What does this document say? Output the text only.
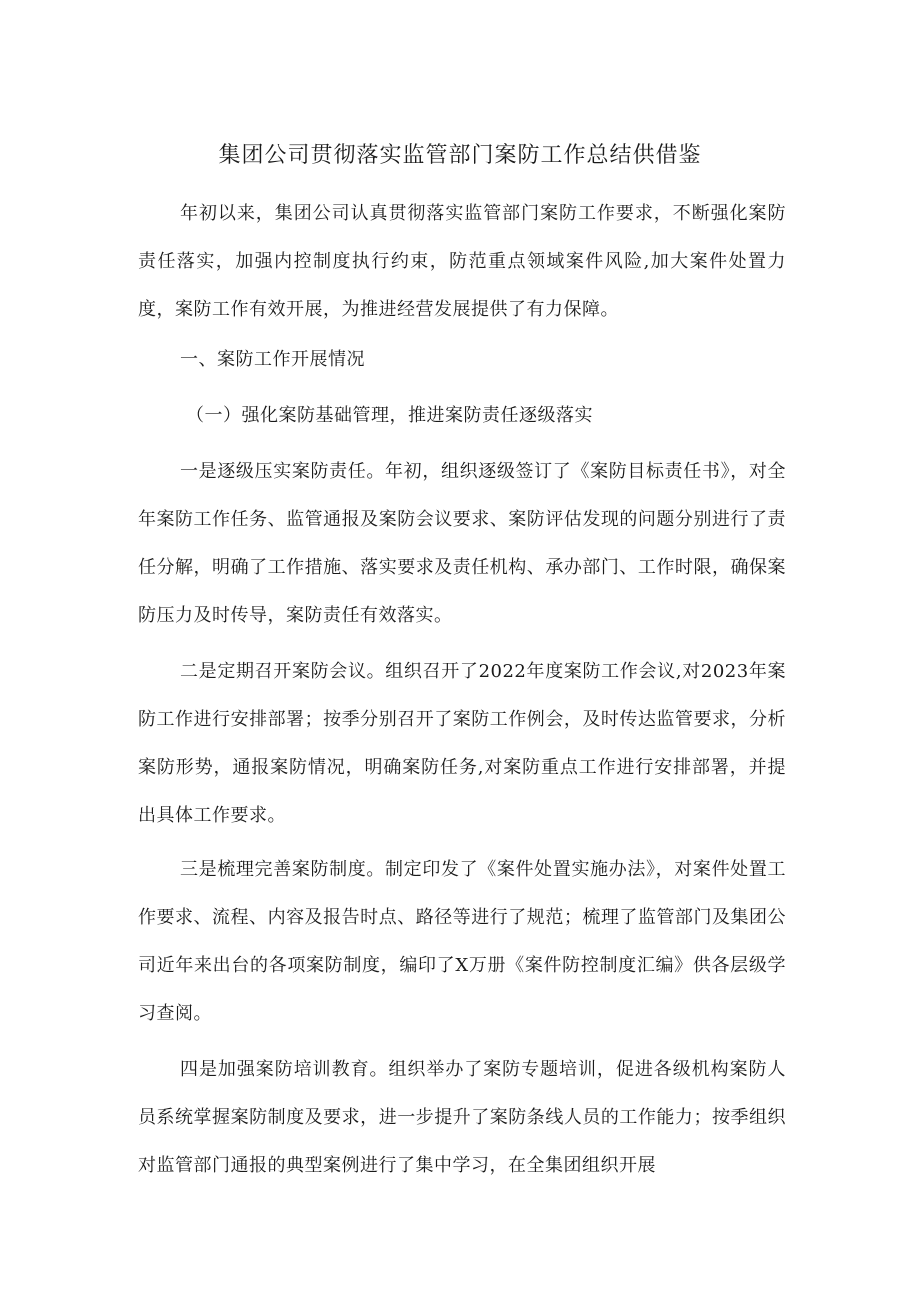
集团公司贯彻落实监管部门案防工作总结供借鉴
年初以来，集团公司认真贯彻落实监管部门案防工作要求，不断强化案防责任落实，加强内控制度执行约束，防范重点领域案件风险,加大案件处置力度，案防工作有效开展，为推进经营发展提供了有力保障。
一、案防工作开展情况
（一）强化案防基础管理，推进案防责任逐级落实
一是逐级压实案防责任。年初，组织逐级签订了《案防目标责任书》，对全年案防工作任务、监管通报及案防会议要求、案防评估发现的问题分别进行了责任分解，明确了工作措施、落实要求及责任机构、承办部门、工作时限，确保案防压力及时传导，案防责任有效落实。
二是定期召开案防会议。组织召开了2022年度案防工作会议,对2023年案防工作进行安排部署；按季分别召开了案防工作例会，及时传达监管要求，分析案防形势，通报案防情况，明确案防任务,对案防重点工作进行安排部署，并提出具体工作要求。
三是梳理完善案防制度。制定印发了《案件处置实施办法》，对案件处置工作要求、流程、内容及报告时点、路径等进行了规范；梳理了监管部门及集团公司近年来出台的各项案防制度，编印了X万册《案件防控制度汇编》供各层级学习查阅。
四是加强案防培训教育。组织举办了案防专题培训，促进各级机构案防人员系统掌握案防制度及要求，进一步提升了案防条线人员的工作能力；按季组织对监管部门通报的典型案例进行了集中学习，在全集团组织开展
